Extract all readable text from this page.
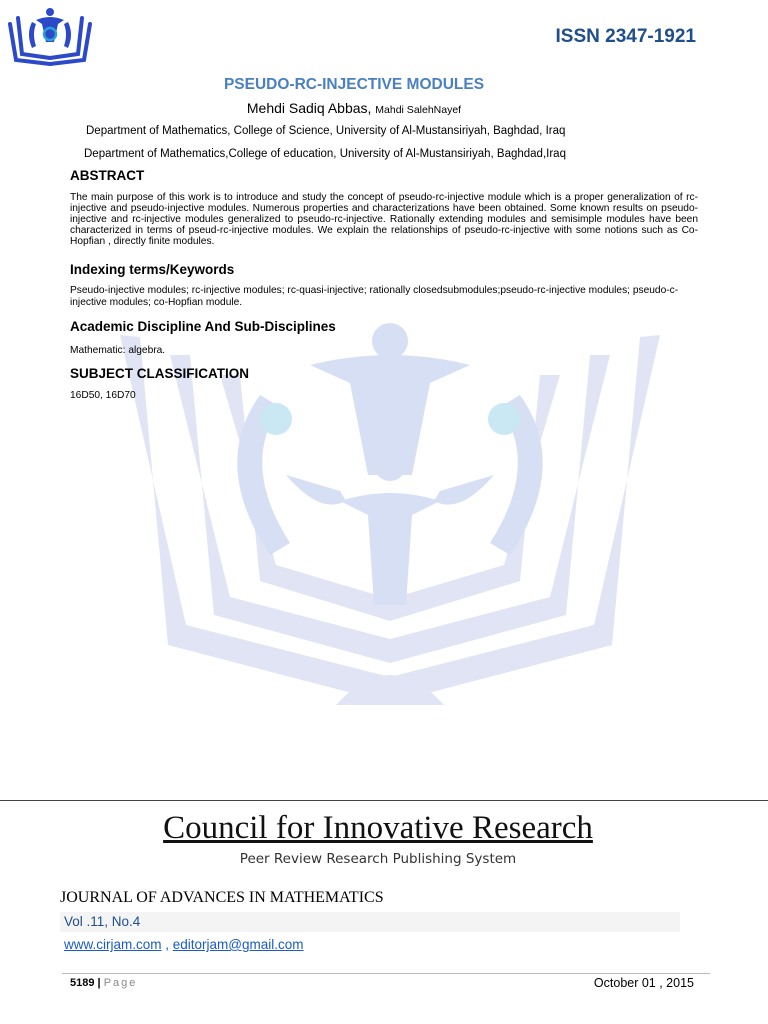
ISSN 2347-1921
PSEUDO-RC-INJECTIVE MODULES
Mehdi Sadiq Abbas, Mahdi SalehNayef
Department of Mathematics, College of Science, University of Al-Mustansiriyah, Baghdad, Iraq
Department of Mathematics,College of education, University of Al-Mustansiriyah, Baghdad,Iraq
ABSTRACT
The main purpose of this work is to introduce and study the concept of pseudo-rc-injective module which is a proper generalization of rc-injective and pseudo-injective modules. Numerous properties and characterizations have been obtained. Some known results on pseudo-injective and rc-injective modules generalized to pseudo-rc-injective. Rationally extending modules and semisimple modules have been characterized in terms of pseud-rc-injective modules. We explain the relationships of pseudo-rc-injective with some notions such as Co-Hopfian , directly finite modules.
Indexing terms/Keywords
Pseudo-injective modules; rc-injective modules; rc-quasi-injective; rationally closedsubmodules;pseudo-rc-injective modules; pseudo-c-injective modules; co-Hopfian module.
Academic Discipline And Sub-Disciplines
Mathematic: algebra.
SUBJECT CLASSIFICATION
16D50, 16D70
Council for Innovative Research
Peer Review Research Publishing System
JOURNAL OF ADVANCES IN MATHEMATICS
Vol .11, No.4
www.cirjam.com , editorjam@gmail.com
5189 | Page	October 01 , 2015
